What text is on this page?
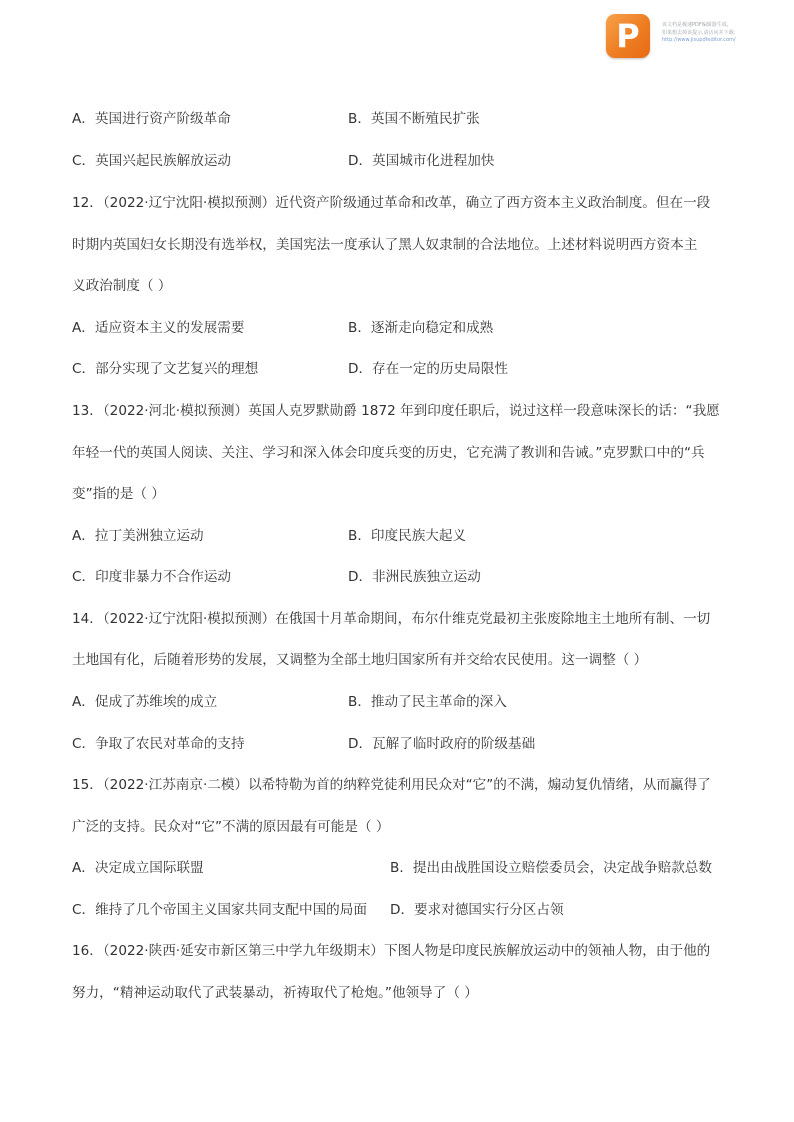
P	该文档是极速PDF编辑器生成,
如果想去掉该提示,请访问并下载:
http://www.jisupdfeditor.com/
A．英国进行资产阶级革命	B．英国不断殖民扩张
C．英国兴起民族解放运动	D．英国城市化进程加快
12．（2022·辽宁沈阳·模拟预测）近代资产阶级通过革命和改革，确立了西方资本主义政治制度。但在一段
时期内英国妇女长期没有选举权，美国宪法一度承认了黑人奴隶制的合法地位。上述材料说明西方资本主
义政治制度（ ）
A．适应资本主义的发展需要	B．逐渐走向稳定和成熟
C．部分实现了文艺复兴的理想	D．存在一定的历史局限性
13．（2022·河北·模拟预测）英国人克罗默勋爵 1872 年到印度任职后，说过这样一段意味深长的话：“我愿
年轻一代的英国人阅读、关注、学习和深入体会印度兵变的历史，它充满了教训和告诫。”克罗默口中的“兵
变”指的是（ ）
A．拉丁美洲独立运动	B．印度民族大起义
C．印度非暴力不合作运动	D．非洲民族独立运动
14．（2022·辽宁沈阳·模拟预测）在俄国十月革命期间，布尔什维克党最初主张废除地主土地所有制、一切
土地国有化，后随着形势的发展，又调整为全部土地归国家所有并交给农民使用。这一调整（ ）
A．促成了苏维埃的成立	B．推动了民主革命的深入
C．争取了农民对革命的支持	D．瓦解了临时政府的阶级基础
15．（2022·江苏南京·二模）以希特勒为首的纳粹党徒利用民众对“它”的不满，煽动复仇情绪，从而赢得了
广泛的支持。民众对“它”不满的原因最有可能是（ ）
A．决定成立国际联盟	B．提出由战胜国设立赔偿委员会，决定战争赔款总数
C．维持了几个帝国主义国家共同支配中国的局面 D．要求对德国实行分区占领
16．（2022·陕西·延安市新区第三中学九年级期末）下图人物是印度民族解放运动中的领袖人物，由于他的
努力，“精神运动取代了武装暴动，祈祷取代了枪炮。”他领导了（ ）
